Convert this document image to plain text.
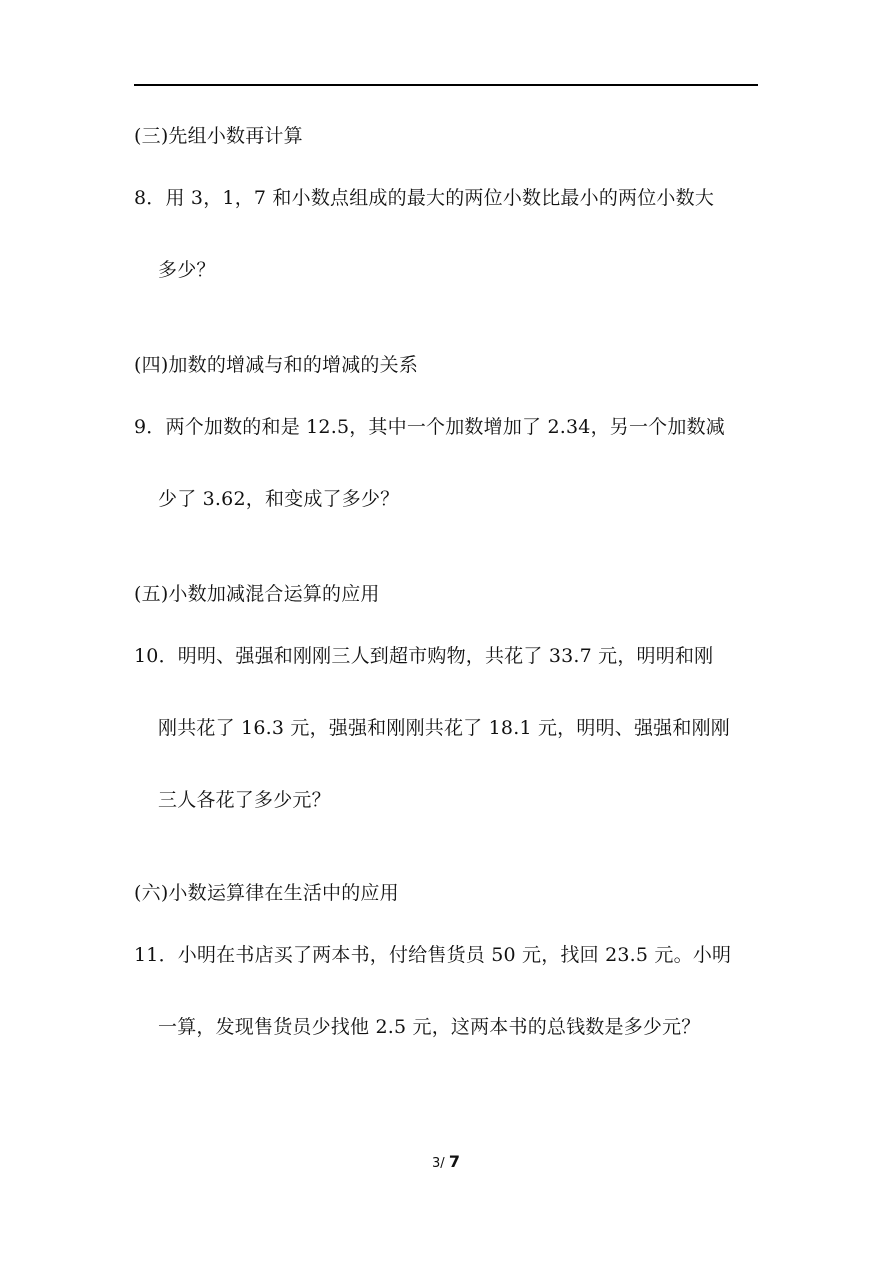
(三)先组小数再计算
8．用 3，1，7 和小数点组成的最大的两位小数比最小的两位小数大
多少？
(四)加数的增减与和的增减的关系
9．两个加数的和是 12.5，其中一个加数增加了 2.34，另一个加数减
少了 3.62，和变成了多少？
(五)小数加减混合运算的应用
10．明明、强强和刚刚三人到超市购物，共花了 33.7 元，明明和刚
刚共花了 16.3 元，强强和刚刚共花了 18.1 元，明明、强强和刚刚
三人各花了多少元？
(六)小数运算律在生活中的应用
11．小明在书店买了两本书，付给售货员 50 元，找回 23.5 元。小明
一算，发现售货员少找他 2.5 元，这两本书的总钱数是多少元？
3/ 7
